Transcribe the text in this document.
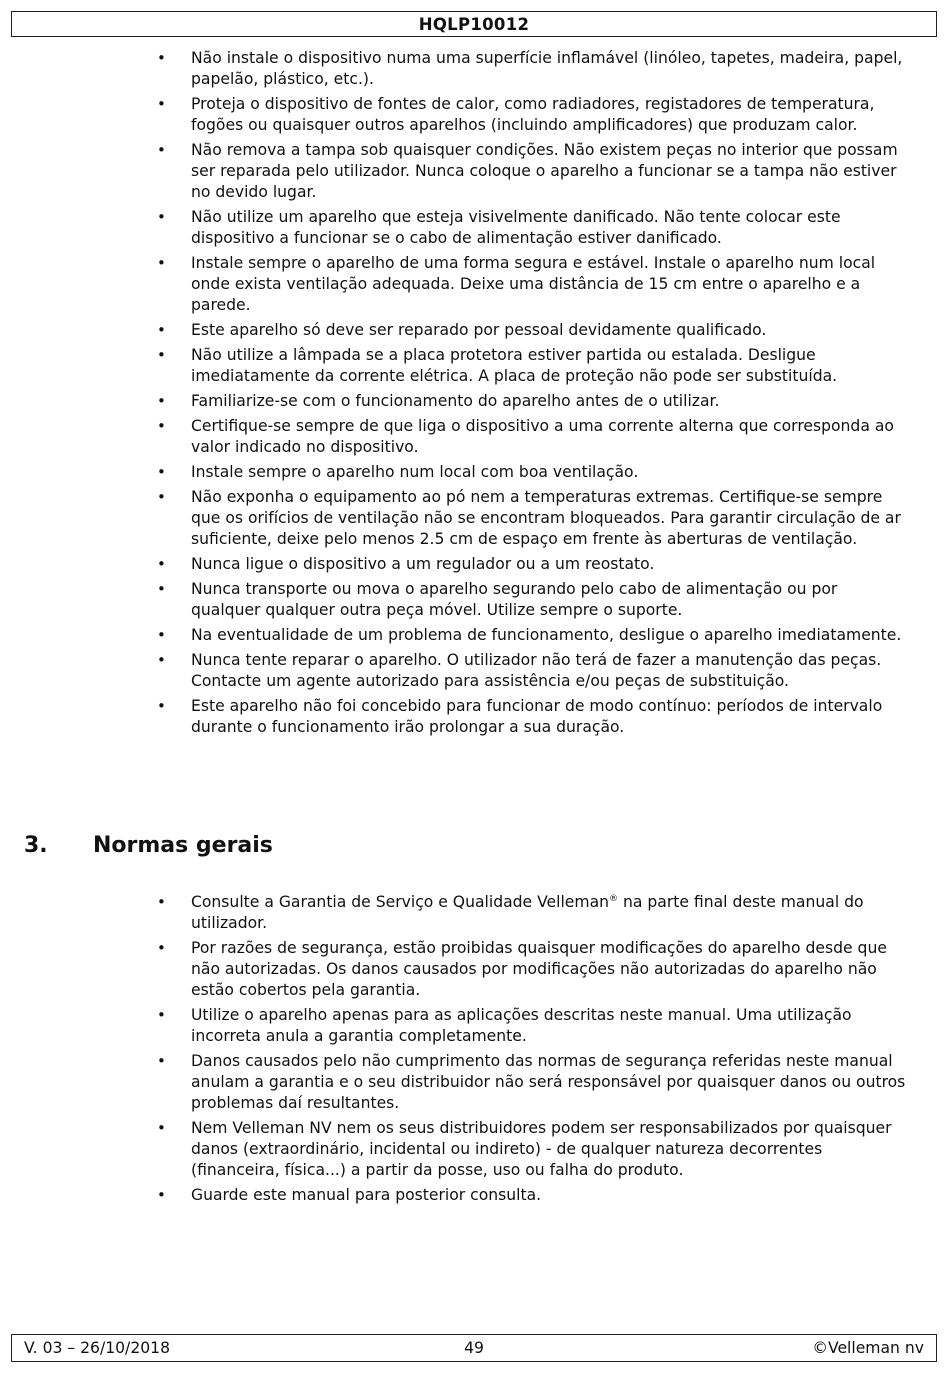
HQLP10012
• Não instale o dispositivo numa uma superfície inflamável (linóleo, tapetes, madeira, papel, papelão, plástico, etc.).
• Proteja o dispositivo de fontes de calor, como radiadores, registadores de temperatura, fogões ou quaisquer outros aparelhos (incluindo amplificadores) que produzam calor.
• Não remova a tampa sob quaisquer condições. Não existem peças no interior que possam ser reparada pelo utilizador. Nunca coloque o aparelho a funcionar se a tampa não estiver no devido lugar.
• Não utilize um aparelho que esteja visivelmente danificado. Não tente colocar este dispositivo a funcionar se o cabo de alimentação estiver danificado.
• Instale sempre o aparelho de uma forma segura e estável. Instale o aparelho num local onde exista ventilação adequada. Deixe uma distância de 15 cm entre o aparelho e a parede.
• Este aparelho só deve ser reparado por pessoal devidamente qualificado.
• Não utilize a lâmpada se a placa protetora estiver partida ou estalada. Desligue imediatamente da corrente elétrica. A placa de proteção não pode ser substituída.
• Familiarize-se com o funcionamento do aparelho antes de o utilizar.
• Certifique-se sempre de que liga o dispositivo a uma corrente alterna que corresponda ao valor indicado no dispositivo.
• Instale sempre o aparelho num local com boa ventilação.
• Não exponha o equipamento ao pó nem a temperaturas extremas. Certifique-se sempre que os orifícios de ventilação não se encontram bloqueados. Para garantir circulação de ar suficiente, deixe pelo menos 2.5 cm de espaço em frente às aberturas de ventilação.
• Nunca ligue o dispositivo a um regulador ou a um reostato.
• Nunca transporte ou mova o aparelho segurando pelo cabo de alimentação ou por qualquer qualquer outra peça móvel. Utilize sempre o suporte.
• Na eventualidade de um problema de funcionamento, desligue o aparelho imediatamente.
• Nunca tente reparar o aparelho. O utilizador não terá de fazer a manutenção das peças. Contacte um agente autorizado para assistência e/ou peças de substituição.
• Este aparelho não foi concebido para funcionar de modo contínuo: períodos de intervalo durante o funcionamento irão prolongar a sua duração.
3. Normas gerais
• Consulte a Garantia de Serviço e Qualidade Velleman® na parte final deste manual do utilizador.
• Por razões de segurança, estão proibidas quaisquer modificações do aparelho desde que não autorizadas. Os danos causados por modificações não autorizadas do aparelho não estão cobertos pela garantia.
• Utilize o aparelho apenas para as aplicações descritas neste manual. Uma utilização incorreta anula a garantia completamente.
• Danos causados pelo não cumprimento das normas de segurança referidas neste manual anulam a garantia e o seu distribuidor não será responsável por quaisquer danos ou outros problemas daí resultantes.
• Nem Velleman NV nem os seus distribuidores podem ser responsabilizados por quaisquer danos (extraordinário, incidental ou indireto) - de qualquer natureza decorrentes (financeira, física...) a partir da posse, uso ou falha do produto.
• Guarde este manual para posterior consulta.
V. 03 – 26/10/2018	49	©Velleman nv
